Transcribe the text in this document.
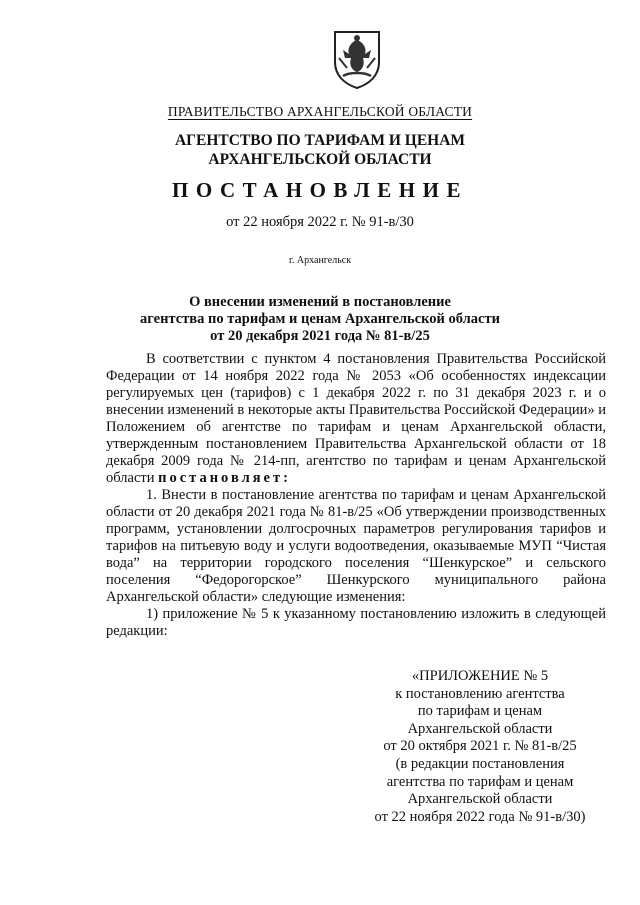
ПРАВИТЕЛЬСТВО АРХАНГЕЛЬСКОЙ ОБЛАСТИ
АГЕНТСТВО ПО ТАРИФАМ И ЦЕНАМ
АРХАНГЕЛЬСКОЙ ОБЛАСТИ
ПОСТАНОВЛЕНИЕ
от 22 ноября 2022 г. № 91-в/30
г. Архангельск
О внесении изменений в постановление
агентства по тарифам и ценам Архангельской области
от 20 декабря 2021 года № 81-в/25

В соответствии с пунктом 4 постановления Правительства Российской Федерации от 14 ноября 2022 года № 2053 «Об особенностях индексации регулируемых цен (тарифов) с 1 декабря 2022 г. по 31 декабря 2023 г. и о внесении изменений в некоторые акты Правительства Российской Федерации» и Положением об агентстве по тарифам и ценам Архангельской области, утвержденным постановлением Правительства Архангельской области от 18 декабря 2009 года № 214-пп, агентство по тарифам и ценам Архангельской области постановляет:

1. Внести в постановление агентства по тарифам и ценам Архангельской области от 20 декабря 2021 года № 81-в/25 «Об утверждении производственных программ, установлении долгосрочных параметров регулирования тарифов и тарифов на питьевую воду и услуги водоотведения, оказываемые МУП “Чистая вода” на территории городского поселения “Шенкурское” и сельского поселения “Федорогорское” Шенкурского муниципального района Архангельской области» следующие изменения:

1) приложение № 5 к указанному постановлению изложить в следующей редакции:

«ПРИЛОЖЕНИЕ № 5
к постановлению агентства
по тарифам и ценам
Архангельской области
от 20 октября 2021 г. № 81-в/25
(в редакции постановления
агентства по тарифам и ценам
Архангельской области
от 22 ноября 2022 года № 91-в/30)
